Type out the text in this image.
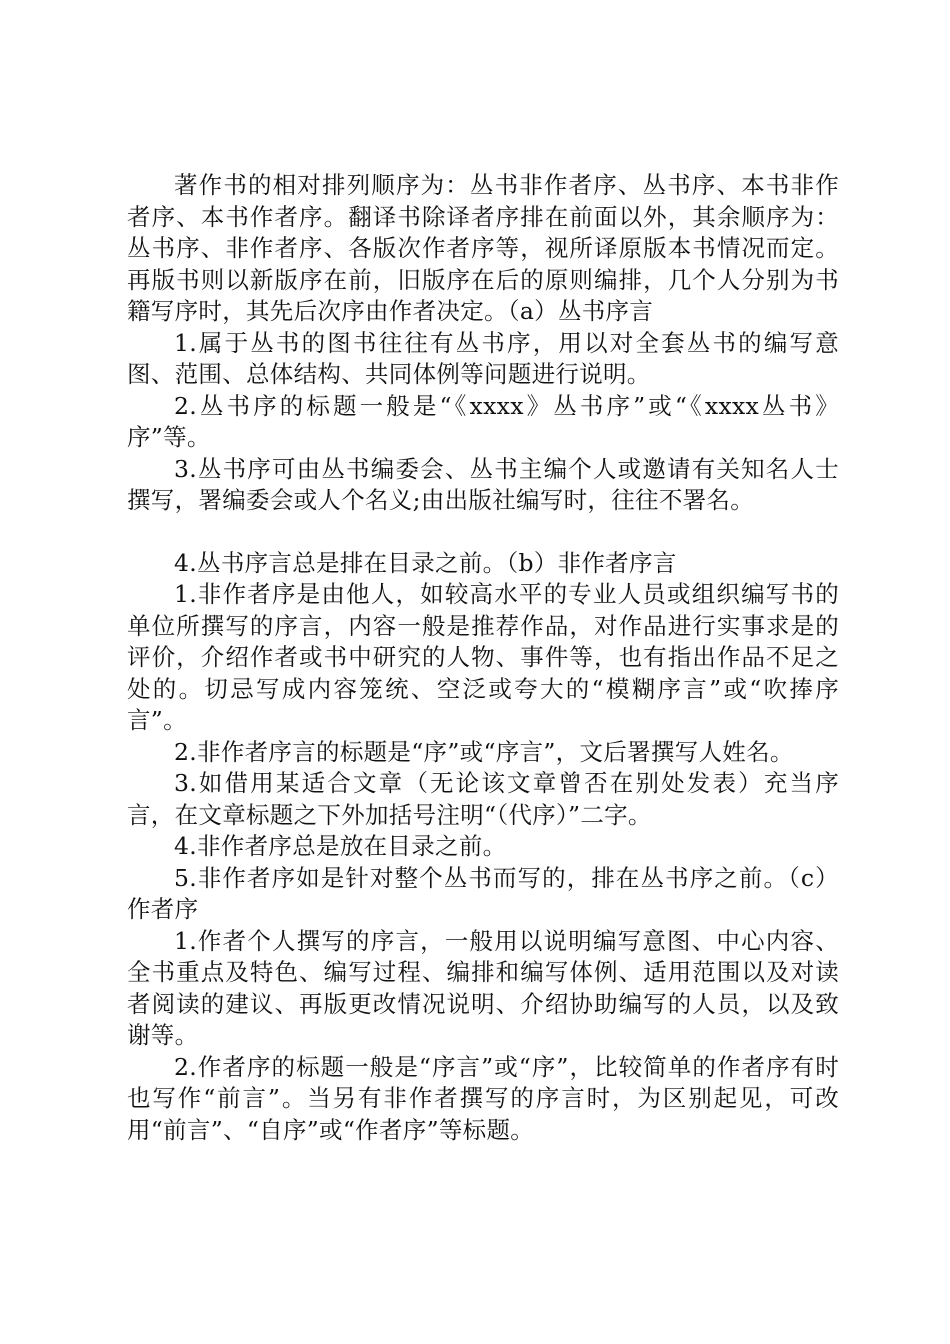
著作书的相对排列顺序为：丛书非作者序、丛书序、本书非作者序、本书作者序。翻译书除译者序排在前面以外，其余顺序为：丛书序、非作者序、各版次作者序等，视所译原版本书情况而定。再版书则以新版序在前，旧版序在后的原则编排，几个人分别为书籍写序时，其先后次序由作者决定。（a）丛书序言

1.属于丛书的图书往往有丛书序，用以对全套丛书的编写意图、范围、总体结构、共同体例等问题进行说明。

2.丛书序的标题一般是“《xxxx》丛书序”或“《xxxx丛书》序”等。

3.丛书序可由丛书编委会、丛书主编个人或邀请有关知名人士撰写，署编委会或人个名义;由出版社编写时，往往不署名。

4.丛书序言总是排在目录之前。（b）非作者序言

1.非作者序是由他人，如较高水平的专业人员或组织编写书的单位所撰写的序言，内容一般是推荐作品，对作品进行实事求是的评价，介绍作者或书中研究的人物、事件等，也有指出作品不足之处的。切忌写成内容笼统、空泛或夸大的“模糊序言”或“吹捧序言”。

2.非作者序言的标题是“序”或“序言”，文后署撰写人姓名。

3.如借用某适合文章（无论该文章曾否在别处发表）充当序言，在文章标题之下外加括号注明“（代序）”二字。

4.非作者序总是放在目录之前。

5.非作者序如是针对整个丛书而写的，排在丛书序之前。（c）作者序

1.作者个人撰写的序言，一般用以说明编写意图、中心内容、全书重点及特色、编写过程、编排和编写体例、适用范围以及对读者阅读的建议、再版更改情况说明、介绍协助编写的人员，以及致谢等。

2.作者序的标题一般是“序言”或“序”，比较简单的作者序有时也写作“前言”。当另有非作者撰写的序言时，为区别起见，可改用“前言”、“自序”或“作者序”等标题。
